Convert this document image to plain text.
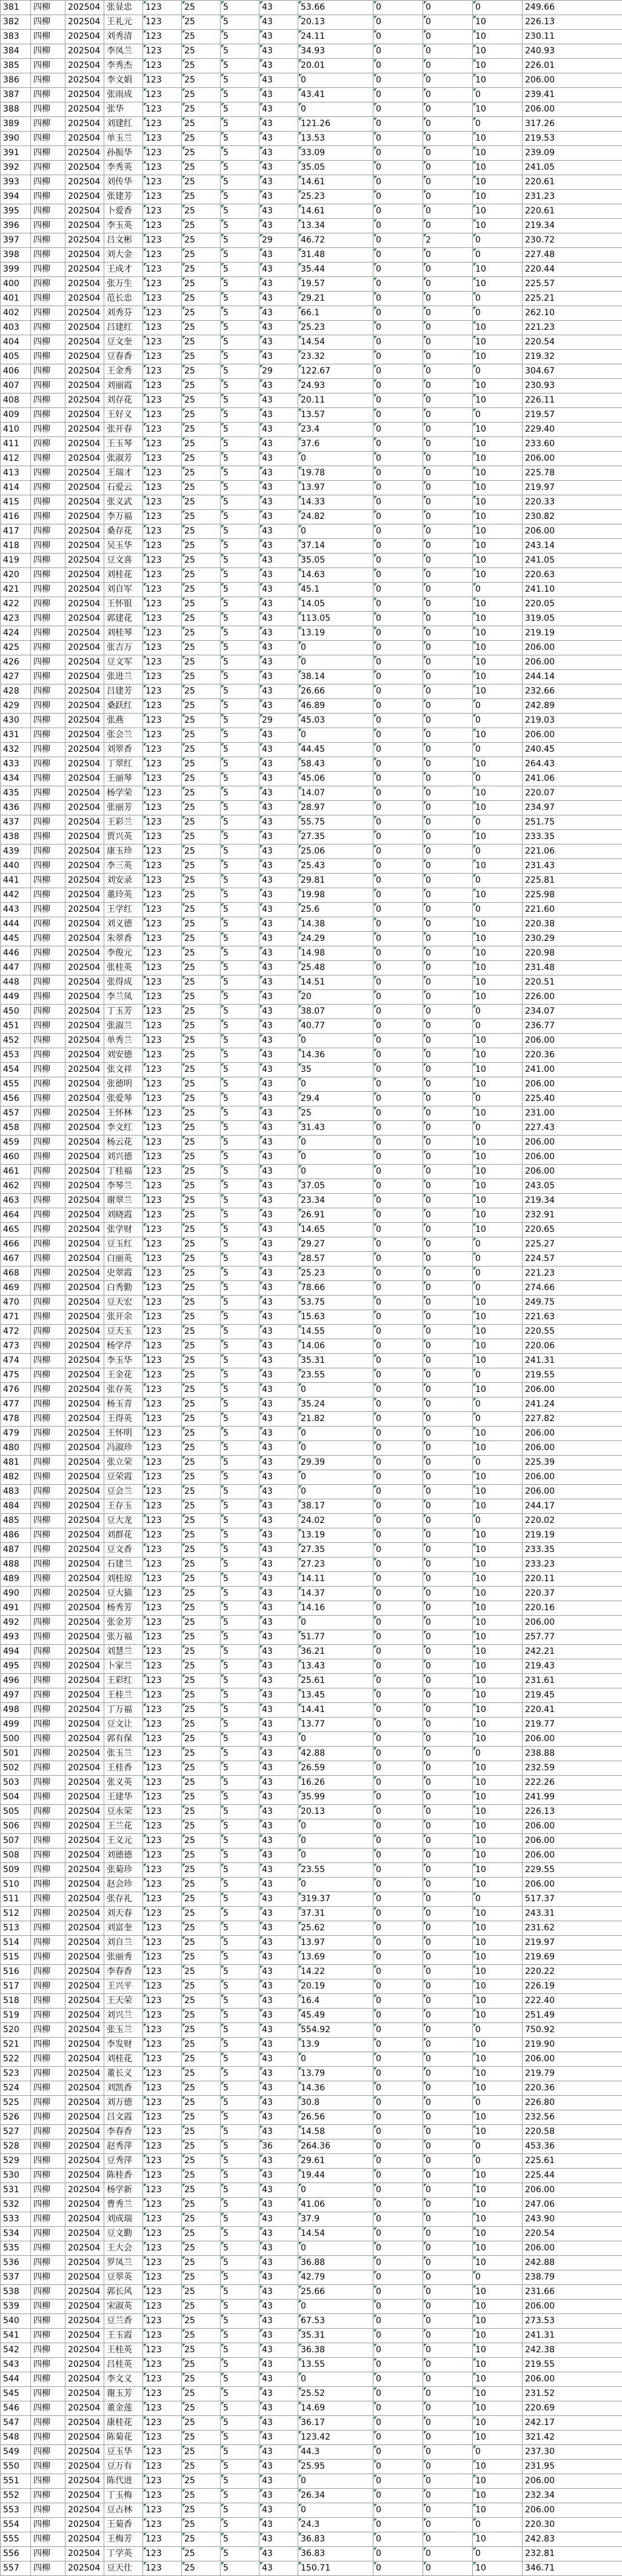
381	四柳	202504	张显忠	123	25	5	43	53.66	0	0	0	249.66
382	四柳	202504	王礼元	123	25	5	43	20.13	0	0	10	226.13
383	四柳	202504	刘秀清	123	25	5	43	24.11	0	0	10	230.11
384	四柳	202504	李凤兰	123	25	5	43	34.93	0	0	10	240.93
385	四柳	202504	李秀杰	123	25	5	43	20.01	0	0	10	226.01
386	四柳	202504	李文娟	123	25	5	43	0	0	0	10	206.00
387	四柳	202504	张雨成	123	25	5	43	43.41	0	0	0	239.41
388	四柳	202504	张华	123	25	5	43	0	0	0	10	206.00
389	四柳	202504	刘建红	123	25	5	43	121.26	0	0	0	317.26
390	四柳	202504	单玉兰	123	25	5	43	13.53	0	0	10	219.53
391	四柳	202504	孙振华	123	25	5	43	33.09	0	0	10	239.09
392	四柳	202504	李秀英	123	25	5	43	35.05	0	0	10	241.05
393	四柳	202504	刘传华	123	25	5	43	14.61	0	0	10	220.61
394	四柳	202504	张建芳	123	25	5	43	25.23	0	0	10	231.23
395	四柳	202504	卜爱香	123	25	5	43	14.61	0	0	10	220.61
396	四柳	202504	李玉英	123	25	5	43	13.34	0	0	10	219.34
397	四柳	202504	吕文彬	123	25	5	29	46.72	0	2	0	230.72
398	四柳	202504	刘大金	123	25	5	43	31.48	0	0	0	227.48
399	四柳	202504	王成才	123	25	5	43	35.44	0	0	10	220.44
400	四柳	202504	张万生	123	25	5	43	19.57	0	0	10	225.57
401	四柳	202504	范长忠	123	25	5	43	29.21	0	0	0	225.21
402	四柳	202504	刘秀芬	123	25	5	43	66.1	0	0	0	262.10
403	四柳	202504	吕建红	123	25	5	43	25.23	0	0	10	221.23
404	四柳	202504	豆文奎	123	25	5	43	14.54	0	0	10	220.54
405	四柳	202504	豆春香	123	25	5	43	23.32	0	0	10	219.32
406	四柳	202504	王金秀	123	25	5	29	122.67	0	0	0	304.67
407	四柳	202504	刘丽霞	123	25	5	43	24.93	0	0	10	230.93
408	四柳	202504	刘存花	123	25	5	43	20.11	0	0	10	226.11
409	四柳	202504	王好义	123	25	5	43	13.57	0	0	0	219.57
410	四柳	202504	张开春	123	25	5	43	23.4	0	0	10	229.40
411	四柳	202504	王玉琴	123	25	5	43	37.6	0	0	10	233.60
412	四柳	202504	张淑芳	123	25	5	43	0	0	0	10	206.00
413	四柳	202504	王瑞才	123	25	5	43	19.78	0	0	10	225.78
414	四柳	202504	石爱云	123	25	5	43	13.97	0	0	10	219.97
415	四柳	202504	张义武	123	25	5	43	14.33	0	0	10	220.33
416	四柳	202504	李万福	123	25	5	43	24.82	0	0	10	230.82
417	四柳	202504	桑存花	123	25	5	43	0	0	0	10	206.00
418	四柳	202504	吴玉华	123	25	5	43	37.14	0	0	10	243.14
419	四柳	202504	豆文喜	123	25	5	43	35.05	0	0	10	241.05
420	四柳	202504	刘桂花	123	25	5	43	14.63	0	0	10	220.63
421	四柳	202504	刘自军	123	25	5	43	45.1	0	0	0	241.10
422	四柳	202504	王怀银	123	25	5	43	14.05	0	0	10	220.05
423	四柳	202504	郭建花	123	25	5	43	113.05	0	0	10	319.05
424	四柳	202504	刘桂琴	123	25	5	43	13.19	0	0	10	219.19
425	四柳	202504	张吉万	123	25	5	43	0	0	0	10	206.00
426	四柳	202504	豆文军	123	25	5	43	0	0	0	10	206.00
427	四柳	202504	张进兰	123	25	5	43	38.14	0	0	10	244.14
428	四柳	202504	吕建芳	123	25	5	43	26.66	0	0	10	232.66
429	四柳	202504	桑跃红	123	25	5	43	46.89	0	0	0	242.89
430	四柳	202504	张燕	123	25	5	29	45.03	0	0	0	219.03
431	四柳	202504	张会兰	123	25	5	43	0	0	0	10	206.00
432	四柳	202504	刘翠香	123	25	5	43	44.45	0	0	0	240.45
433	四柳	202504	丁翠红	123	25	5	43	58.43	0	0	10	264.43
434	四柳	202504	王丽琴	123	25	5	43	45.06	0	0	0	241.06
435	四柳	202504	杨学荣	123	25	5	43	14.07	0	0	10	220.07
436	四柳	202504	张丽芳	123	25	5	43	28.97	0	0	10	234.97
437	四柳	202504	王彩兰	123	25	5	43	55.75	0	0	0	251.75
438	四柳	202504	贾兴英	123	25	5	43	27.35	0	0	10	233.35
439	四柳	202504	康玉珍	123	25	5	43	25.06	0	0	0	221.06
440	四柳	202504	李三英	123	25	5	43	25.43	0	0	10	231.43
441	四柳	202504	刘安录	123	25	5	43	29.81	0	0	0	225.81
442	四柳	202504	董玲英	123	25	5	43	19.98	0	0	10	225.98
443	四柳	202504	王学红	123	25	5	43	25.6	0	0	0	221.60
444	四柳	202504	刘义德	123	25	5	43	14.38	0	0	10	220.38
445	四柳	202504	朱翠香	123	25	5	43	24.29	0	0	10	230.29
446	四柳	202504	李俊元	123	25	5	43	14.98	0	0	10	220.98
447	四柳	202504	张桂英	123	25	5	43	25.48	0	0	10	231.48
448	四柳	202504	张得成	123	25	5	43	14.51	0	0	10	220.51
449	四柳	202504	李兰凤	123	25	5	43	20	0	0	10	226.00
450	四柳	202504	丁玉芳	123	25	5	43	38.07	0	0	0	234.07
451	四柳	202504	张淑兰	123	25	5	43	40.77	0	0	0	236.77
452	四柳	202504	单秀兰	123	25	5	43	0	0	0	10	206.00
453	四柳	202504	刘安德	123	25	5	43	14.36	0	0	10	220.36
454	四柳	202504	张文祥	123	25	5	43	35	0	0	10	241.00
455	四柳	202504	张德明	123	25	5	43	0	0	0	10	206.00
456	四柳	202504	张爱琴	123	25	5	43	29.4	0	0	0	225.40
457	四柳	202504	王怀林	123	25	5	43	25	0	0	10	231.00
458	四柳	202504	李文红	123	25	5	43	31.43	0	0	0	227.43
459	四柳	202504	杨云花	123	25	5	43	0	0	0	10	206.00
460	四柳	202504	刘兴德	123	25	5	43	0	0	0	10	206.00
461	四柳	202504	丁桂福	123	25	5	43	0	0	0	10	206.00
462	四柳	202504	李琴兰	123	25	5	43	37.05	0	0	10	243.05
463	四柳	202504	谢翠兰	123	25	5	43	23.34	0	0	10	219.34
464	四柳	202504	刘晓霞	123	25	5	43	26.91	0	0	10	232.91
465	四柳	202504	张学财	123	25	5	43	14.65	0	0	10	220.65
466	四柳	202504	豆玉红	123	25	5	43	29.27	0	0	0	225.27
467	四柳	202504	白丽英	123	25	5	43	28.57	0	0	0	224.57
468	四柳	202504	史翠霞	123	25	5	43	25.23	0	0	0	221.23
469	四柳	202504	白秀勤	123	25	5	43	78.66	0	0	0	274.66
470	四柳	202504	豆天宏	123	25	5	43	53.75	0	0	10	249.75
471	四柳	202504	张开余	123	25	5	43	15.63	0	0	10	221.63
472	四柳	202504	豆天玉	123	25	5	43	14.55	0	0	10	220.55
473	四柳	202504	杨学芹	123	25	5	43	14.06	0	0	10	220.06
474	四柳	202504	李玉华	123	25	5	43	35.31	0	0	10	241.31
475	四柳	202504	王金花	123	25	5	43	23.55	0	0	0	219.55
476	四柳	202504	张存英	123	25	5	43	0	0	0	10	206.00
477	四柳	202504	杨玉青	123	25	5	43	35.24	0	0	0	241.24
478	四柳	202504	王得英	123	25	5	43	21.82	0	0	0	227.82
479	四柳	202504	王怀明	123	25	5	43	0	0	0	10	206.00
480	四柳	202504	冯淑珍	123	25	5	43	0	0	0	10	206.00
481	四柳	202504	张立荣	123	25	5	43	29.39	0	0	0	225.39
482	四柳	202504	豆荣霞	123	25	5	43	0	0	0	10	206.00
483	四柳	202504	豆会兰	123	25	5	43	0	0	0	10	206.00
484	四柳	202504	王存玉	123	25	5	43	38.17	0	0	10	244.17
485	四柳	202504	豆大龙	123	25	5	43	24.02	0	0	0	220.02
486	四柳	202504	刘群花	123	25	5	43	13.19	0	0	10	219.19
487	四柳	202504	豆文香	123	25	5	43	27.35	0	0	10	233.35
488	四柳	202504	石建兰	123	25	5	43	27.23	0	0	10	233.23
489	四柳	202504	刘桂琼	123	25	5	43	14.11	0	0	10	220.11
490	四柳	202504	豆大猫	123	25	5	43	14.37	0	0	10	220.37
491	四柳	202504	杨秀芳	123	25	5	43	14.16	0	0	10	220.16
492	四柳	202504	张金芳	123	25	5	43	0	0	0	10	206.00
493	四柳	202504	张万福	123	25	5	43	51.77	0	0	10	257.77
494	四柳	202504	刘慧兰	123	25	5	43	36.21	0	0	10	242.21
495	四柳	202504	卜家兰	123	25	5	43	13.43	0	0	10	219.43
496	四柳	202504	王彩红	123	25	5	43	25.61	0	0	10	231.61
497	四柳	202504	王桂兰	123	25	5	43	13.45	0	0	10	219.45
498	四柳	202504	丁万福	123	25	5	43	14.41	0	0	10	220.41
499	四柳	202504	豆文让	123	25	5	43	13.77	0	0	10	219.77
500	四柳	202504	郭有保	123	25	5	43	0	0	0	10	206.00
501	四柳	202504	张玉兰	123	25	5	43	42.88	0	0	0	238.88
502	四柳	202504	王桂香	123	25	5	43	26.59	0	0	10	232.59
503	四柳	202504	张义英	123	25	5	43	16.26	0	0	10	222.26
504	四柳	202504	王建华	123	25	5	43	35.99	0	0	10	241.99
505	四柳	202504	豆永荣	123	25	5	43	20.13	0	0	10	226.13
506	四柳	202504	王兰花	123	25	5	43	0	0	0	10	206.00
507	四柳	202504	王义元	123	25	5	43	0	0	0	10	206.00
508	四柳	202504	刘德德	123	25	5	43	0	0	0	10	206.00
509	四柳	202504	张菊珍	123	25	5	43	23.55	0	0	10	229.55
510	四柳	202504	赵会珍	123	25	5	43	0	0	0	10	206.00
511	四柳	202504	张存礼	123	25	5	43	319.37	0	0	0	517.37
512	四柳	202504	刘天春	123	25	5	43	37.31	0	0	10	243.31
513	四柳	202504	刘富奎	123	25	5	43	25.62	0	0	10	231.62
514	四柳	202504	刘自兰	123	25	5	43	13.97	0	0	10	219.97
515	四柳	202504	张丽秀	123	25	5	43	13.69	0	0	10	219.69
516	四柳	202504	李春香	123	25	5	43	14.22	0	0	10	220.22
517	四柳	202504	王兴平	123	25	5	43	20.19	0	0	10	226.19
518	四柳	202504	王天荣	123	25	5	43	16.4	0	0	10	222.40
519	四柳	202504	刘兴兰	123	25	5	43	45.49	0	0	10	251.49
520	四柳	202504	张玉兰	123	25	5	43	554.92	0	0	0	750.92
521	四柳	202504	李发财	123	25	5	43	13.9	0	0	10	219.90
522	四柳	202504	刘桂花	123	25	5	43	0	0	0	10	206.00
523	四柳	202504	董长义	123	25	5	43	13.79	0	0	10	219.79
524	四柳	202504	刘凯香	123	25	5	43	14.36	0	0	10	220.36
525	四柳	202504	刘万德	123	25	5	43	30.8	0	0	0	226.80
526	四柳	202504	吕文霞	123	25	5	43	26.56	0	0	10	232.56
527	四柳	202504	李春香	123	25	5	43	14.58	0	0	10	220.58
528	四柳	202504	赵秀萍	123	25	5	36	264.36	0	0	0	453.36
529	四柳	202504	豆秀萍	123	25	5	43	29.61	0	0	0	225.61
530	四柳	202504	陈桂香	123	25	5	43	19.44	0	0	10	225.44
531	四柳	202504	杨学新	123	25	5	43	0	0	0	10	206.00
532	四柳	202504	曹秀兰	123	25	5	43	41.06	0	0	10	247.06
533	四柳	202504	刘成瑞	123	25	5	43	37.9	0	0	10	243.90
534	四柳	202504	豆文勤	123	25	5	43	14.54	0	0	10	220.54
535	四柳	202504	王大会	123	25	5	43	0	0	0	10	206.00
536	四柳	202504	罗凤兰	123	25	5	43	36.88	0	0	10	242.88
537	四柳	202504	豆翠英	123	25	5	43	42.79	0	0	0	238.79
538	四柳	202504	郭长风	123	25	5	43	25.66	0	0	10	231.66
539	四柳	202504	宋淑英	123	25	5	43	0	0	0	10	206.00
540	四柳	202504	豆兰香	123	25	5	43	67.53	0	0	10	273.53
541	四柳	202504	王玉霞	123	25	5	43	35.31	0	0	10	241.31
542	四柳	202504	王桂英	123	25	5	43	36.38	0	0	10	242.38
543	四柳	202504	吕桂英	123	25	5	43	13.55	0	0	10	219.55
544	四柳	202504	李文义	123	25	5	43	0	0	0	10	206.00
545	四柳	202504	谢玉芳	123	25	5	43	25.52	0	0	10	231.52
546	四柳	202504	董金莲	123	25	5	43	14.69	0	0	10	220.69
547	四柳	202504	康桂花	123	25	5	43	36.17	0	0	10	242.17
548	四柳	202504	陈菊花	123	25	5	43	123.42	0	0	10	321.42
549	四柳	202504	豆玉华	123	25	5	43	44.3	0	0	0	237.30
550	四柳	202504	豆万有	123	25	5	43	25.95	0	0	10	231.95
551	四柳	202504	陈代进	123	25	5	43	0	0	0	10	206.00
552	四柳	202504	丁玉梅	123	25	5	43	26.34	0	0	10	232.34
553	四柳	202504	豆占林	123	25	5	43	0	0	0	10	206.00
554	四柳	202504	王菊香	123	25	5	43	24.3	0	0	0	220.30
555	四柳	202504	王梅芳	123	25	5	43	36.83	0	0	10	242.83
556	四柳	202504	丁学英	123	25	5	43	36.83	0	0	0	232.81
557	四柳	202504	豆天仕	123	25	5	43	150.71	0	0	10	346.71
